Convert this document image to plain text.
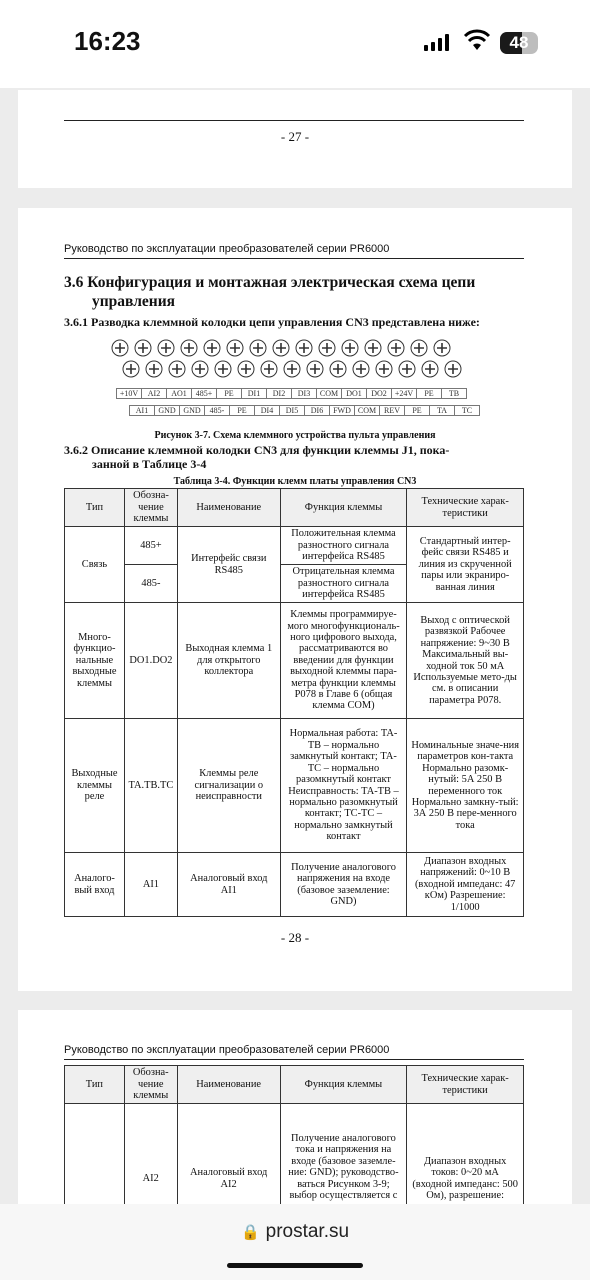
16:23	48
- 27 -
Руководство по эксплуатации преобразователей серии PR6000
3.6 Конфигурация и монтажная электрическая схема цепи
управления
3.6.1 Разводка клеммной колодки цепи управления CN3 представлена ниже:
+10V	AI2	AO1	485+	PE	DI1	DI2	DI3	COM	DO1	DO2	+24V	PE	TB
AI1	GND GND	485-	PE	DI4	DI5	DI6	FWD COM REV	PE	TA	TC
Рисунок 3-7. Схема клеммного устройства пульта управления
3.6.2 Описание клеммной колодки CN3 для функции клеммы J1, пока-
занной в Таблице 3-4
Таблица 3-4. Функции клемм платы управления CN3
Тип	Обозна-чение клеммы	Наименование	Функция клеммы	Технические харак-теристики
Связь	485+	Интерфейс связи RS485	Положительная клемма разностного сигнала интерфейса RS485	Стандартный интер-фейс связи RS485 и линия из скрученной пары или экраниро-ванная линия
	485-		Отрицательная клемма разностного сигнала интерфейса RS485	
Много-функцио-нальные выходные клеммы	DO1.DO2	Выходная клемма 1 для открытого коллектора	Клеммы программируе-мого многофункциональ-ного цифрового выхода, рассматриваются во введении для функции выходной клеммы пара-метра функции клеммы P078 в Главе 6 (общая клемма COM)	Выход с оптической развязкой Рабочее напряжение: 9~30 В Максимальный вы-ходной ток 50 мА Используемые мето-ды см. в описании параметра P078.
Выходные клеммы реле	TA.TB.TC	Клеммы реле сигнализации о неисправности	Нормальная работа: TA-TB – нормально замкнутый контакт; TA-TC – нормально разомкнутый контакт Неисправность: TA-TB – нормально разомкнутый контакт; TC-TC – нормально замкнутый контакт	Номинальные значе-ния параметров кон-такта Нормально разомк-нутый: 5А 250 В переменного ток Нормально замкну-тый: 3А 250 В пере-менного тока
Аналого-вый вход	AI1	Аналоговый вход AI1	Получение аналогового напряжения на входе (базовое заземление: GND)	Диапазон входных напряжений: 0~10 В (входной импеданс: 47 кОм) Разрешение: 1/1000
- 28 -
Руководство по эксплуатации преобразователей серии PR6000
Тип	Обозна-чение клеммы	Наименование	Функция клеммы	Технические харак-теристики
	AI2	Аналоговый вход AI2	Получение аналогового тока и напряжения на входе (базовое заземле-ние: GND); руководство-ваться Рисунком 3-9; выбор осуществляется с	Диапазон входных токов: 0~20 мА (входной импеданс: 500 Ом), разрешение:
🔒 prostar.su
